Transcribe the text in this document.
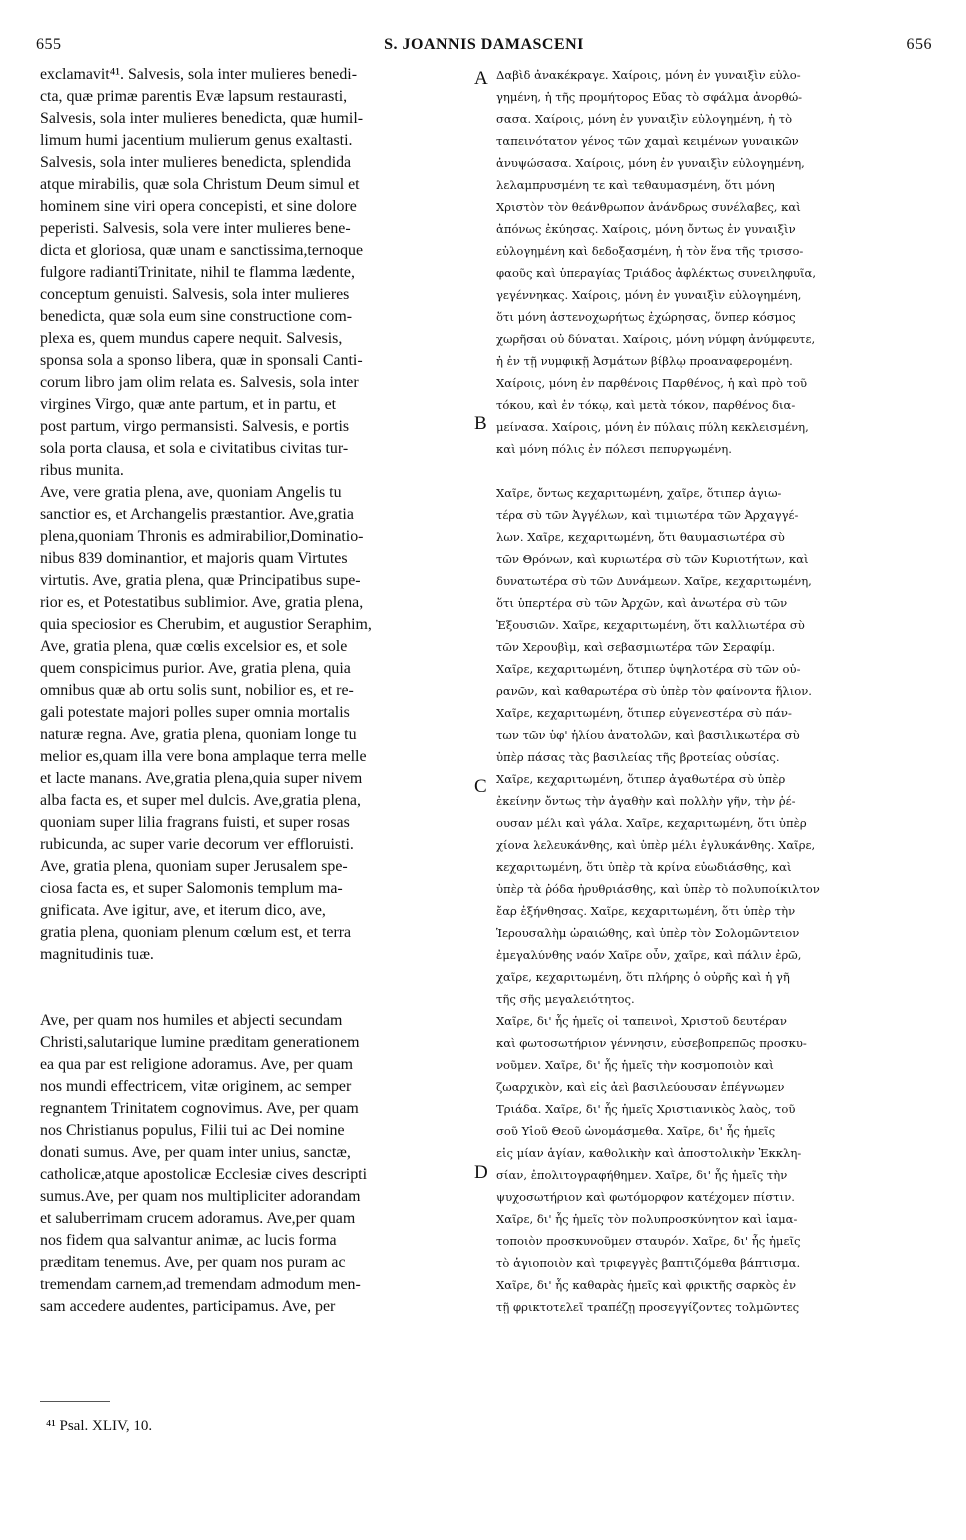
655	S. JOANNIS DAMASCENI	656
exclamavit⁴¹. Salvesis, sola inter mulieres benedi-
cta, quæ primæ parentis Evæ lapsum restaurasti,
Salvesis, sola inter mulieres benedicta, quæ humil-
limum humi jacentium mulierum genus exaltasti.
Salvesis, sola inter mulieres benedicta, splendida
atque mirabilis, quæ sola Christum Deum simul et
hominem sine viri opera concepisti, et sine dolore
peperisti. Salvesis, sola vere inter mulieres bene-
dicta et gloriosa, quæ unam e sanctissima,ternoque
fulgore radiantiTrinitate, nihil te flamma lædente,
conceptum genuisti. Salvesis, sola inter mulieres
benedicta, quæ sola eum sine constructione com-
plexa es, quem mundus capere nequit. Salvesis,
sponsa sola a sponso libera, quæ in sponsali Canti-
corum libro jam olim relata es. Salvesis, sola inter
virgines Virgo, quæ ante partum, et in partu, et
post partum, virgo permansisti. Salvesis, e portis
sola porta clausa, et sola e civitatibus civitas tur-
ribus munita.
Ave, vere gratia plena, ave, quoniam Angelis tu
sanctior es, et Archangelis præstantior. Ave,gratia
plena,quoniam Thronis es admirabilior,Dominatio-
nibus 839 dominantior, et majoris quam Virtutes
virtutis. Ave, gratia plena, quæ Principatibus supe-
rior es, et Potestatibus sublimior. Ave, gratia plena,
quia speciosior es Cherubim, et augustior Seraphim,
Ave, gratia plena, quæ cœlis excelsior es, et sole
quem conspicimus purior. Ave, gratia plena, quia
omnibus quæ ab ortu solis sunt, nobilior es, et re-
gali potestate majori polles super omnia mortalis
naturæ regna. Ave, gratia plena, quoniam longe tu
melior es,quam illa vere bona amplaque terra melle
et lacte manans. Ave,gratia plena,quia super nivem
alba facta es, et super mel dulcis. Ave,gratia plena,
quoniam super lilia fragrans fuisti, et super rosas
rubicunda, ac super varie decorum ver effloruisti.
Ave, gratia plena, quoniam super Jerusalem spe-
ciosa facta es, et super Salomonis templum ma-
gnificata. Ave igitur, ave, et iterum dico, ave,
gratia plena, quoniam plenum cœlum est, et terra
magnitudinis tuæ.
Ave, per quam nos humiles et abjecti secundam
Christi,salutarique lumine præditam generationem
ea qua par est religione adoramus. Ave, per quam
nos mundi effectricem, vitæ originem, ac semper
regnantem Trinitatem cognovimus. Ave, per quam
nos Christianus populus, Filii tui ac Dei nomine
donati sumus. Ave, per quam inter unius, sanctæ,
catholicæ,atque apostolicæ Ecclesiæ cives descripti
sumus.Ave, per quam nos multipliciter adorandam
et saluberrimam crucem adoramus. Ave,per quam
nos fidem qua salvantur animæ, ac lucis forma
præditam tenemus. Ave, per quam nos puram ac
tremendam carnem,ad tremendam admodum men-
sam accedere audentes, participamus. Ave, per
Δαβὶδ ἀνακέκραγε. Χαίροις, μόνη ἐν γυναιξὶν εὐλο-
γημένη, ἡ τῆς προμήτορος Εὔας τὸ σφάλμα ἀνορθώ-
σασα. Χαίροις, μόνη ἐν γυναιξὶν εὐλογημένη, ἡ τὸ
ταπεινότατον γένος τῶν χαμαὶ κειμένων γυναικῶν
ἀνυψώσασα. Χαίροις, μόνη ἐν γυναιξὶν εὐλογημένη,
λελαμπρυσμένη τε καὶ τεθαυμασμένη, ὅτι μόνη
Χριστὸν τὸν θεάνθρωπον ἀνάνδρως συνέλαβες, καὶ
ἀπόνως ἐκύησας. Χαίροις, μόνη ὄντως ἐν γυναιξὶν
εὐλογημένη καὶ δεδοξασμένη, ἡ τὸν ἕνα τῆς τρισσο-
φαοῦς καὶ ὑπεραγίας Τριάδος ἀφλέκτως συνειληφυῖα,
γεγέννηκας. Χαίροις, μόνη ἐν γυναιξὶν εὐλογημένη,
ὅτι μόνη ἀστενοχωρήτως ἐχώρησας, ὅνπερ κόσμος
χωρῆσαι οὐ δύναται. Χαίροις, μόνη νύμφη ἀνύμφευτε,
ἡ ἐν τῇ νυμφικῇ Ἀσμάτων βίβλῳ προαναφερομένη.
Χαίροις, μόνη ἐν παρθένοις Παρθένος, ἡ καὶ πρὸ τοῦ
τόκου, καὶ ἐν τόκῳ, καὶ μετὰ τόκον, παρθένος δια-
μείνασα. Χαίροις, μόνη ἐν πύλαις πύλη κεκλεισμένη,
καὶ μόνη πόλις ἐν πόλεσι πεπυργωμένη.
Χαῖρε, ὄντως κεχαριτωμένη, χαῖρε, ὅτιπερ ἁγιω-
τέρα σὺ τῶν Ἀγγέλων, καὶ τιμιωτέρα τῶν Ἀρχαγγέ-
λων. Χαῖρε, κεχαριτωμένη, ὅτι θαυμασιωτέρα σὺ
τῶν Θρόνων, καὶ κυριωτέρα σὺ τῶν Κυριοτήτων, καὶ
δυνατωτέρα σὺ τῶν Δυνάμεων. Χαῖρε, κεχαριτωμένη,
ὅτι ὑπερτέρα σὺ τῶν Ἀρχῶν, καὶ ἀνωτέρα σὺ τῶν
Ἐξουσιῶν. Χαῖρε, κεχαριτωμένη, ὅτι καλλιωτέρα σὺ
τῶν Χερουβὶμ, καὶ σεβασμιωτέρα τῶν Σεραφίμ.
Χαῖρε, κεχαριτωμένη, ὅτιπερ ὑψηλοτέρα σὺ τῶν οὐ-
ρανῶν, καὶ καθαρωτέρα σὺ ὑπὲρ τὸν φαίνοντα ἥλιον.
Χαῖρε, κεχαριτωμένη, ὅτιπερ εὐγενεστέρα σὺ πάν-
των τῶν ὑφ' ἡλίου ἀνατολῶν, καὶ βασιλικωτέρα σὺ
ὑπὲρ πάσας τὰς βασιλείας τῆς βροτείας οὐσίας.
Χαῖρε, κεχαριτωμένη, ὅτιπερ ἀγαθωτέρα σὺ ὑπὲρ
ἐκείνην ὄντως τὴν ἀγαθὴν καὶ πολλὴν γῆν, τὴν ῥέ-
ουσαν μέλι καὶ γάλα. Χαῖρε, κεχαριτωμένη, ὅτι ὑπὲρ
χίονα λελευκάνθης, καὶ ὑπὲρ μέλι ἐγλυκάνθης. Χαῖρε,
κεχαριτωμένη, ὅτι ὑπὲρ τὰ κρίνα εὐωδιάσθης, καὶ
ὑπὲρ τὰ ῥόδα ἠρυθριάσθης, καὶ ὑπὲρ τὸ πολυποίκιλτον
ἔαρ ἐξήνθησας. Χαῖρε, κεχαριτωμένη, ὅτι ὑπὲρ τὴν
Ἱερουσαλὴμ ὡραιώθης, καὶ ὑπὲρ τὸν Σολομῶντειον
ἐμεγαλύνθης ναόν Χαῖρε οὖν, χαῖρε, καὶ πάλιν ἐρῶ,
χαῖρε, κεχαριτωμένη, ὅτι πλήρης ὁ οὐρῆς καὶ ἡ γῆ
τῆς σῆς μεγαλειότητος.
Χαῖρε, δι' ἧς ἡμεῖς οἱ ταπεινοὶ, Χριστοῦ δευτέραν
καὶ φωτοσωτήριον γέννησιν, εὐσεβοπρεπῶς προσκυ-
νοῦμεν. Χαῖρε, δι' ἧς ἡμεῖς τὴν κοσμοποιὸν καὶ
ζωαρχικὸν, καὶ εἰς ἀεὶ βασιλεύουσαν ἐπέγνωμεν
Τριάδα. Χαῖρε, δι' ἧς ἡμεῖς Χριστιανικὸς λαὸς, τοῦ
σοῦ Υἱοῦ Θεοῦ ὠνομάσμεθα. Χαῖρε, δι' ἧς ἡμεῖς
εἰς μίαν ἁγίαν, καθολικὴν καὶ ἀποστολικὴν Ἐκκλη-
σίαν, ἐπολιτογραφήθημεν. Χαῖρε, δι' ἧς ἡμεῖς τὴν
ψυχοσωτήριον καὶ φωτόμορφον κατέχομεν πίστιν.
Χαῖρε, δι' ἧς ἡμεῖς τὸν πολυπροσκύνητον καὶ ἰαμα-
τοποιὸν προσκυνοῦμεν σταυρόν. Χαῖρε, δι' ἧς ἡμεῖς
τὸ ἁγιοποιὸν καὶ τριφεγγὲς βαπτιζόμεθα βάπτισμα.
Χαῖρε, δι' ἧς καθαρὰς ἡμεῖς καὶ φρικτῆς σαρκὸς ἐν
τῇ φρικτοτελεῖ τραπέζῃ προσεγγίζοντες τολμῶντες
A
B
C
D
⁴¹ Psal. XLIV, 10.
